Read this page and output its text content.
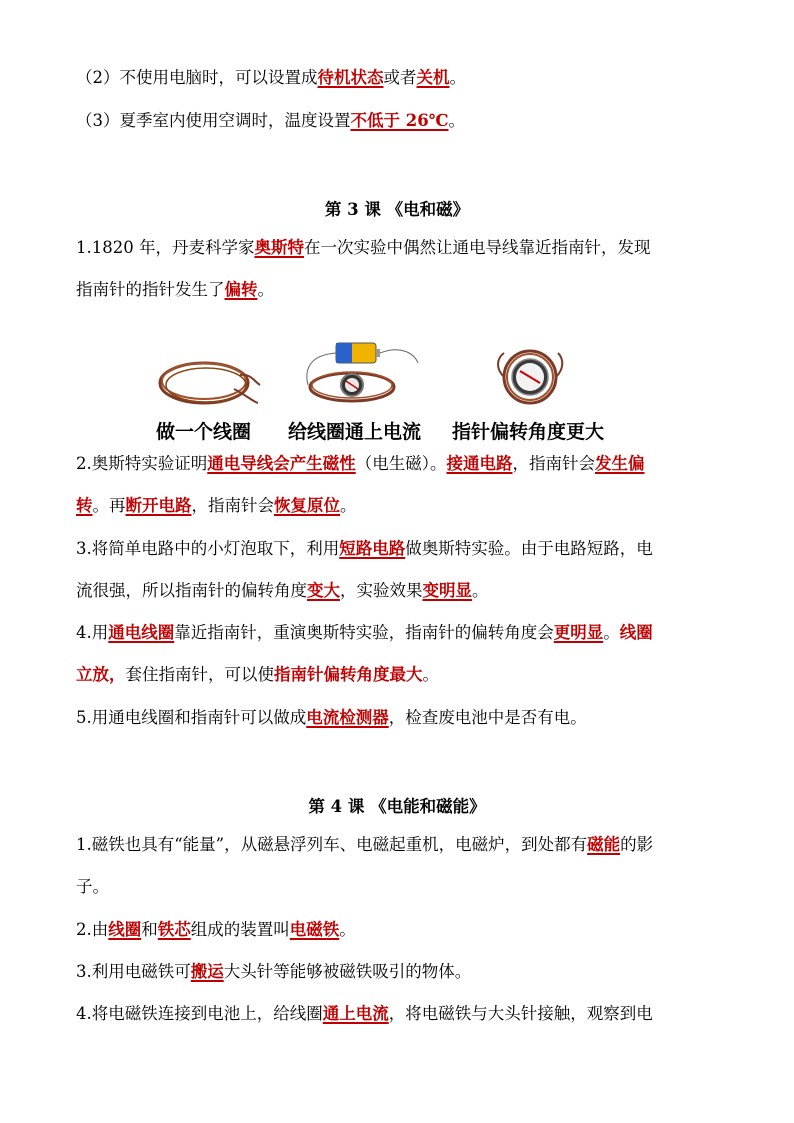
（2）不使用电脑时，可以设置成待机状态或者关机。
（3）夏季室内使用空调时，温度设置不低于 26℃。
第 3 课 《电和磁》
1.1820 年，丹麦科学家奥斯特在一次实验中偶然让通电导线靠近指南针，发现
指南针的指针发生了偏转。
做一个线圈 给线圈通上电流 指针偏转角度更大
2.奥斯特实验证明通电导线会产生磁性（电生磁）。接通电路，指南针会发生偏
转。再断开电路，指南针会恢复原位。
3.将简单电路中的小灯泡取下，利用短路电路做奥斯特实验。由于电路短路，电
流很强，所以指南针的偏转角度变大，实验效果变明显。
4.用通电线圈靠近指南针，重演奥斯特实验，指南针的偏转角度会更明显。线圈
立放，套住指南针，可以使指南针偏转角度最大。
5.用通电线圈和指南针可以做成电流检测器，检查废电池中是否有电。
第 4 课 《电能和磁能》
1.磁铁也具有“能量”，从磁悬浮列车、电磁起重机，电磁炉，到处都有磁能的影
子。
2.由线圈和铁芯组成的装置叫电磁铁。
3.利用电磁铁可搬运大头针等能够被磁铁吸引的物体。
4.将电磁铁连接到电池上，给线圈通上电流，将电磁铁与大头针接触，观察到电
